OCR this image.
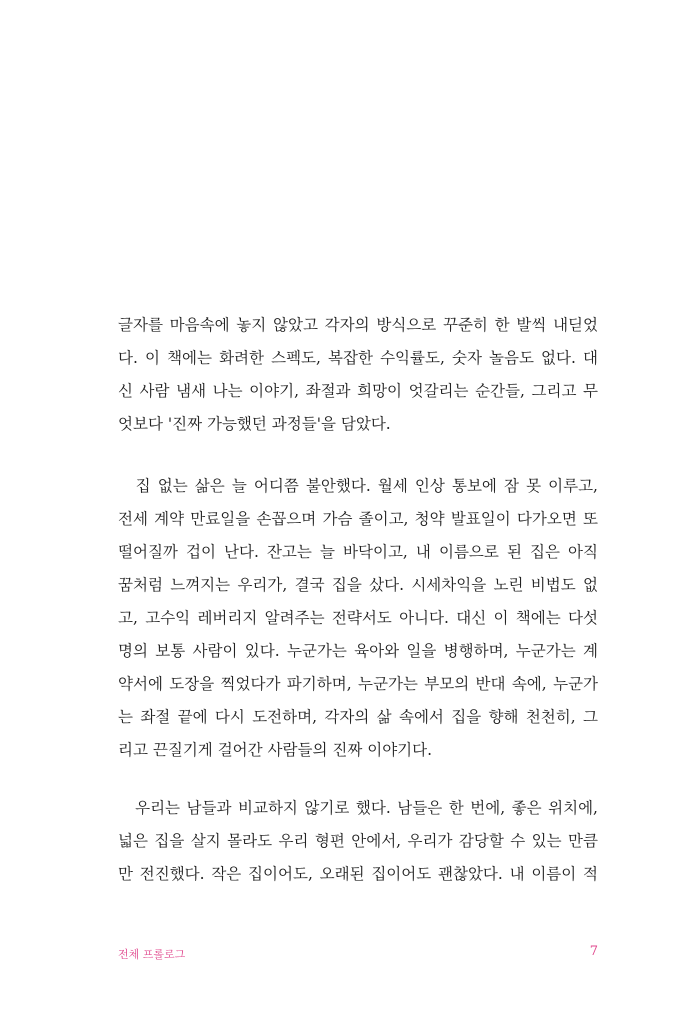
글자를 마음속에 놓지 않았고 각자의 방식으로 꾸준히 한 발씩 내딛었
다. 이 책에는 화려한 스펙도, 복잡한 수익률도, 숫자 놀음도 없다. 대
신 사람 냄새 나는 이야기, 좌절과 희망이 엇갈리는 순간들, 그리고 무
엇보다 '진짜 가능했던 과정들'을 담았다.
　집 없는 삶은 늘 어디쯤 불안했다. 월세 인상 통보에 잠 못 이루고,
전세 계약 만료일을 손꼽으며 가슴 졸이고, 청약 발표일이 다가오면 또
떨어질까 겁이 난다. 잔고는 늘 바닥이고, 내 이름으로 된 집은 아직
꿈처럼 느껴지는 우리가, 결국 집을 샀다. 시세차익을 노린 비법도 없
고, 고수익 레버리지 알려주는 전략서도 아니다. 대신 이 책에는 다섯
명의 보통 사람이 있다. 누군가는 육아와 일을 병행하며, 누군가는 계
약서에 도장을 찍었다가 파기하며, 누군가는 부모의 반대 속에, 누군가
는 좌절 끝에 다시 도전하며, 각자의 삶 속에서 집을 향해 천천히, 그
리고 끈질기게 걸어간 사람들의 진짜 이야기다.
　우리는 남들과 비교하지 않기로 했다. 남들은 한 번에, 좋은 위치에,
넓은 집을 살지 몰라도 우리 형편 안에서, 우리가 감당할 수 있는 만큼
만 전진했다. 작은 집이어도, 오래된 집이어도 괜찮았다. 내 이름이 적
전체 프롤로그	7
